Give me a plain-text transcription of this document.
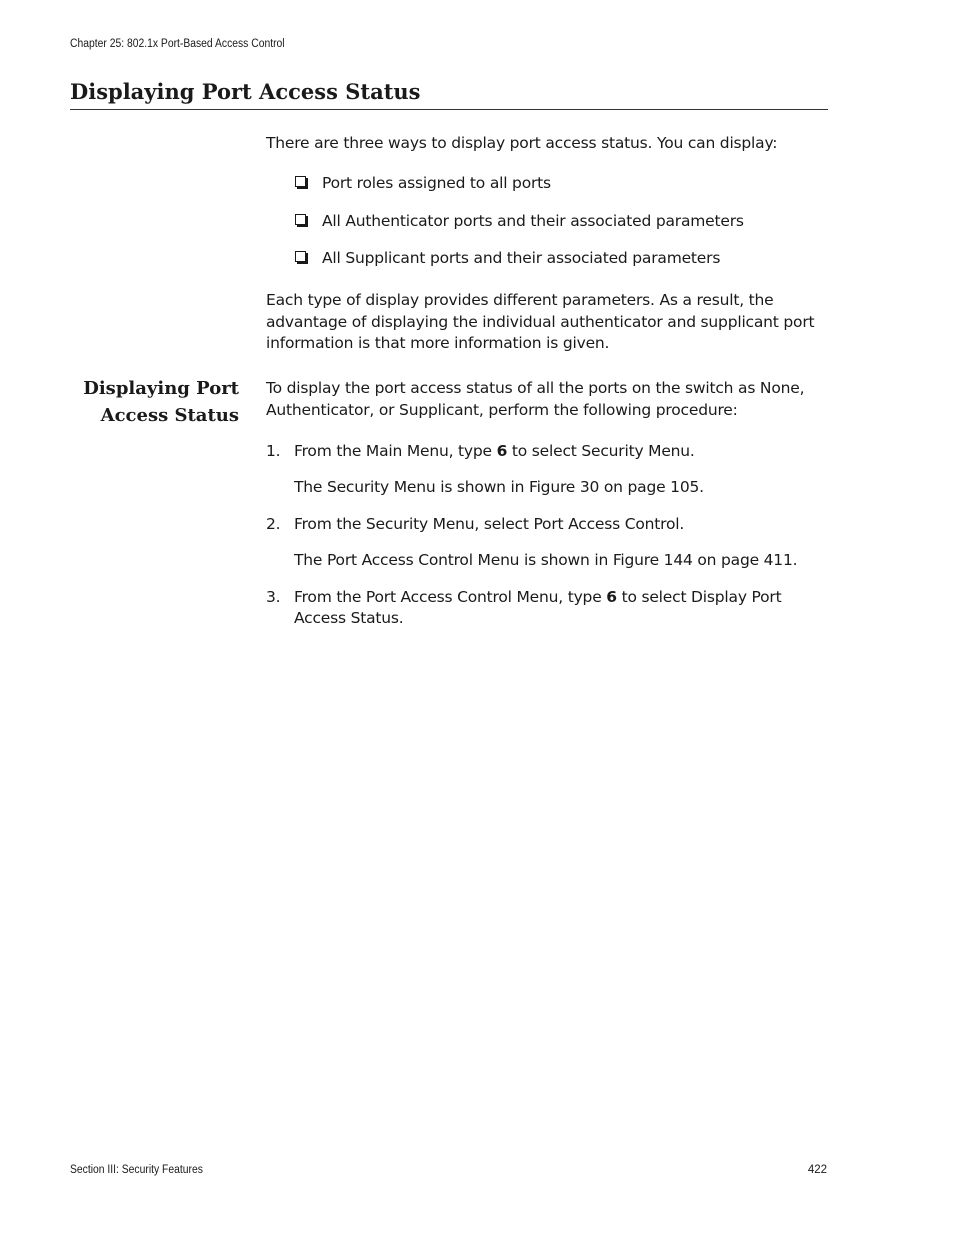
Chapter 25: 802.1x Port-Based Access Control
Displaying Port Access Status

There are three ways to display port access status. You can display:

Port roles assigned to all ports
All Authenticator ports and their associated parameters
All Supplicant ports and their associated parameters

Each type of display provides different parameters. As a result, the advantage of displaying the individual authenticator and supplicant port information is that more information is given.

Displaying Port
Access Status

To display the port access status of all the ports on the switch as None, Authenticator, or Supplicant, perform the following procedure:

1. From the Main Menu, type 6 to select Security Menu.
The Security Menu is shown in Figure 30 on page 105.
2. From the Security Menu, select Port Access Control.
The Port Access Control Menu is shown in Figure 144 on page 411.
3. From the Port Access Control Menu, type 6 to select Display Port Access Status.
Section III: Security Features	422
